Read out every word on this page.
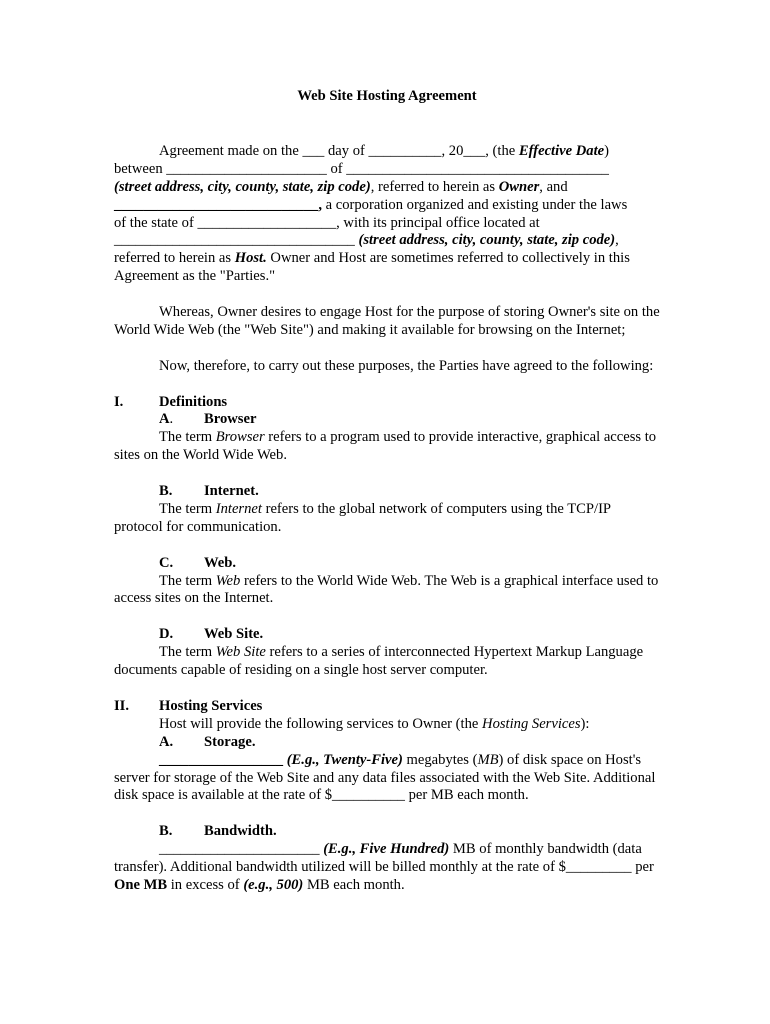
Web Site Hosting Agreement

Agreement made on the ___ day of __________, 20___, (the Effective Date)
between ______________________ of ____________________________________
(street address, city, county, state, zip code), referred to herein as Owner, and
____________________________, a corporation organized and existing under the laws
of the state of ___________________, with its principal office located at
_________________________________ (street address, city, county, state, zip code),
referred to herein as Host. Owner and Host are sometimes referred to collectively in this
Agreement as the "Parties."

Whereas, Owner desires to engage Host for the purpose of storing Owner's site on the World Wide Web (the "Web Site") and making it available for browsing on the Internet;

Now, therefore, to carry out these purposes, the Parties have agreed to the following:

I.	Definitions
A.	Browser

The term Browser refers to a program used to provide interactive, graphical access to sites on the World Wide Web.

B.	Internet.

The term Internet refers to the global network of computers using the TCP/IP protocol for communication.

C.	Web.

The term Web refers to the World Wide Web. The Web is a graphical interface used to access sites on the Internet.

D.	Web Site.

The term Web Site refers to a series of interconnected Hypertext Markup Language documents capable of residing on a single host server computer.

II.	Hosting Services

Host will provide the following services to Owner (the Hosting Services):

A.	Storage.

_________________ (E.g., Twenty-Five) megabytes (MB) of disk space on Host's server for storage of the Web Site and any data files associated with the Web Site. Additional disk space is available at the rate of $__________ per MB each month.

B.	Bandwidth.

______________________ (E.g., Five Hundred) MB of monthly bandwidth (data transfer). Additional bandwidth utilized will be billed monthly at the rate of $_________ per One MB in excess of (e.g., 500) MB each month.
